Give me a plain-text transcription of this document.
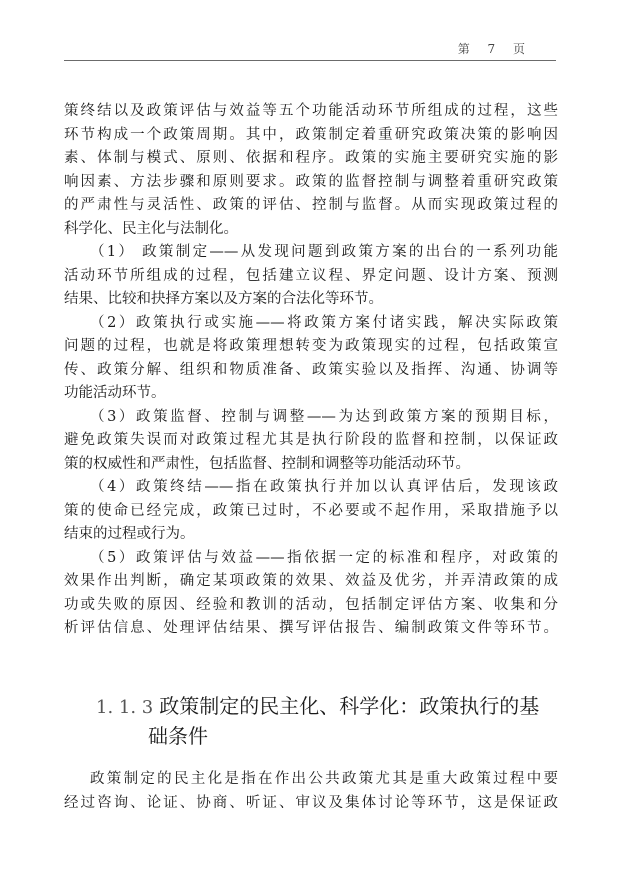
第 7 页
策终结以及政策评估与效益等五个功能活动环节所组成的过程，这些
环节构成一个政策周期。其中，政策制定着重研究政策决策的影响因
素、体制与模式、原则、依据和程序。政策的实施主要研究实施的影
响因素、方法步骤和原则要求。政策的监督控制与调整着重研究政策
的严肃性与灵活性、政策的评估、控制与监督。从而实现政策过程的
科学化、民主化与法制化。
（1） 政策制定——从发现问题到政策方案的出台的一系列功能
活动环节所组成的过程，包括建立议程、界定问题、设计方案、预测
结果、比较和抉择方案以及方案的合法化等环节。
（2）政策执行或实施——将政策方案付诸实践，解决实际政策
问题的过程，也就是将政策理想转变为政策现实的过程，包括政策宣
传、政策分解、组织和物质准备、政策实验以及指挥、沟通、协调等
功能活动环节。
（3）政策监督、控制与调整——为达到政策方案的预期目标，
避免政策失误而对政策过程尤其是执行阶段的监督和控制，以保证政
策的权威性和严肃性，包括监督、控制和调整等功能活动环节。
（4）政策终结——指在政策执行并加以认真评估后，发现该政
策的使命已经完成，政策已过时，不必要或不起作用，采取措施予以
结束的过程或行为。
（5）政策评估与效益——指依据一定的标准和程序，对政策的
效果作出判断，确定某项政策的效果、效益及优劣，并弄清政策的成
功或失败的原因、经验和教训的活动，包括制定评估方案、收集和分
析评估信息、处理评估结果、撰写评估报告、编制政策文件等环节。
1. 1. 3 政策制定的民主化、科学化：政策执行的基
础条件
政策制定的民主化是指在作出公共政策尤其是重大政策过程中要
经过咨询、论证、协商、听证、审议及集体讨论等环节，这是保证政
